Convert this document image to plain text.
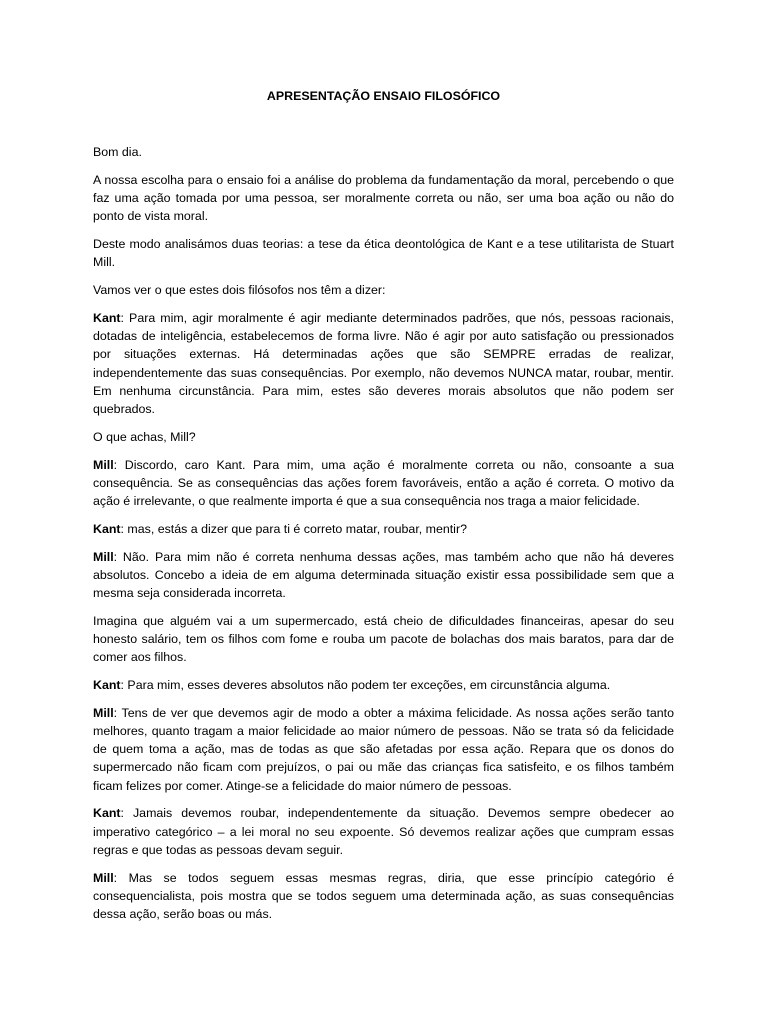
APRESENTAÇÃO ENSAIO FILOSÓFICO

Bom dia.

A nossa escolha para o ensaio foi a análise do problema da fundamentação da moral, percebendo o que faz uma ação tomada por uma pessoa, ser moralmente correta ou não, ser uma boa ação ou não do ponto de vista moral.

Deste modo analisámos duas teorias: a tese da ética deontológica de Kant e a tese utilitarista de Stuart Mill.

Vamos ver o que estes dois filósofos nos têm a dizer:

Kant: Para mim, agir moralmente é agir mediante determinados padrões, que nós, pessoas racionais, dotadas de inteligência, estabelecemos de forma livre. Não é agir por auto satisfação ou pressionados por situações externas. Há determinadas ações que são SEMPRE erradas de realizar, independentemente das suas consequências. Por exemplo, não devemos NUNCA matar, roubar, mentir. Em nenhuma circunstância. Para mim, estes são deveres morais absolutos que não podem ser quebrados.

O que achas, Mill?

Mill: Discordo, caro Kant. Para mim, uma ação é moralmente correta ou não, consoante a sua consequência. Se as consequências das ações forem favoráveis, então a ação é correta. O motivo da ação é irrelevante, o que realmente importa é que a sua consequência nos traga a maior felicidade.

Kant: mas, estás a dizer que para ti é correto matar, roubar, mentir?

Mill: Não. Para mim não é correta nenhuma dessas ações, mas também acho que não há deveres absolutos. Concebo a ideia de em alguma determinada situação existir essa possibilidade sem que a mesma seja considerada incorreta.

Imagina que alguém vai a um supermercado, está cheio de dificuldades financeiras, apesar do seu honesto salário, tem os filhos com fome e rouba um pacote de bolachas dos mais baratos, para dar de comer aos filhos.

Kant: Para mim, esses deveres absolutos não podem ter exceções, em circunstância alguma.

Mill: Tens de ver que devemos agir de modo a obter a máxima felicidade. As nossa ações serão tanto melhores, quanto tragam a maior felicidade ao maior número de pessoas. Não se trata só da felicidade de quem toma a ação, mas de todas as que são afetadas por essa ação. Repara que os donos do supermercado não ficam com prejuízos, o pai ou mãe das crianças fica satisfeito, e os filhos também ficam felizes por comer. Atinge-se a felicidade do maior número de pessoas.

Kant: Jamais devemos roubar, independentemente da situação. Devemos sempre obedecer ao imperativo categórico – a lei moral no seu expoente. Só devemos realizar ações que cumpram essas regras e que todas as pessoas devam seguir.

Mill: Mas se todos seguem essas mesmas regras, diria, que esse princípio categório é consequencialista, pois mostra que se todos seguem uma determinada ação, as suas consequências dessa ação, serão boas ou más.
